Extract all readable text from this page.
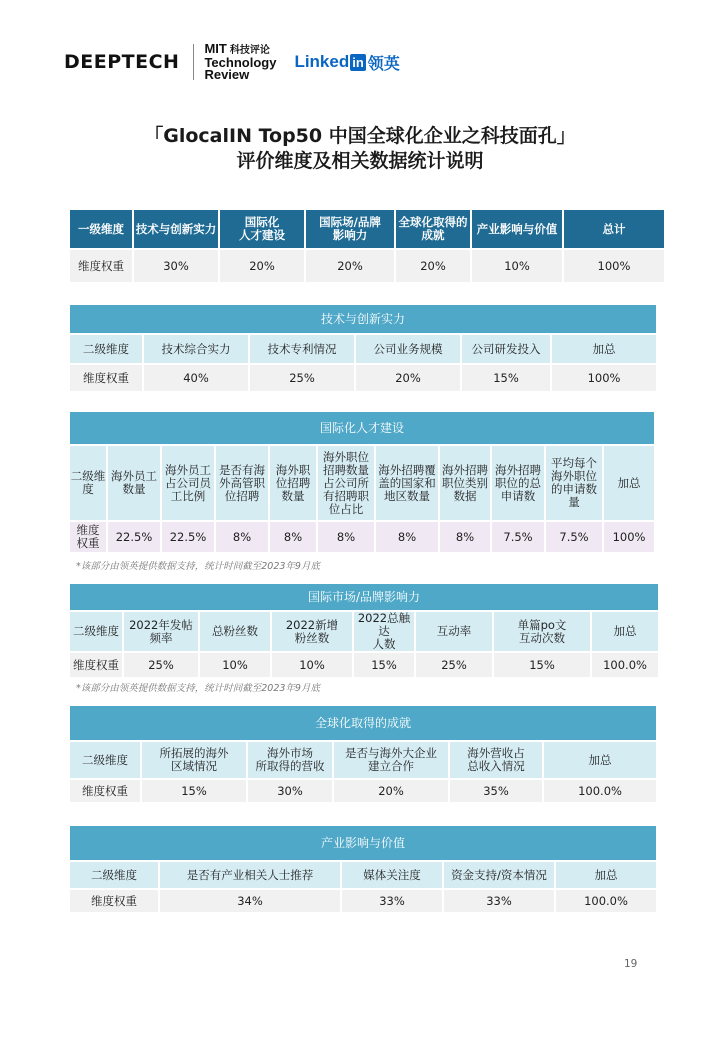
DEEPTECH
MIT 科技评论
Technology
Review
Linked in 领英
「GlocalIN Top50 中国全球化企业之科技面孔」
评价维度及相关数据统计说明
一级维度	技术与创新实力	国际化
人才建设	国际场/品牌
影响力	全球化取得的
成就	产业影响与价值	总计
维度权重	30%	20%	20%	20%	10%	100%
技术与创新实力					
二级维度	技术综合实力	技术专利情况	公司业务规模	公司研发投入	加总
维度权重	40%	25%	20%	15%	100%
国际化人才建设										
二级维
度	海外员工
数量	海外员工
占公司员
工比例	是否有海
外高管职
位招聘	海外职
位招聘
数量	海外职位
招聘数量
占公司所
有招聘职
位占比	海外招聘覆
盖的国家和
地区数量	海外招聘
职位类别
数据	海外招聘
职位的总
申请数	平均每个
海外职位
的申请数
量	加总
维度
权重	22.5%	22.5%	8%	8%	8%	8%	8%	7.5%	7.5%	100%
*该部分由领英提供数据支持，统计时间截至2023年9月底
国际市场/品牌影响力							
二级维度	2022年发帖
频率	总粉丝数	2022新增
粉丝数	2022总触达
人数	互动率	单篇po文
互动次数	加总
维度权重	25%	10%	10%	15%	25%	15%	100.0%
*该部分由领英提供数据支持，统计时间截至2023年9月底
全球化取得的成就					
二级维度	所拓展的海外
区域情况	海外市场
所取得的营收	是否与海外大企业
建立合作	海外营收占
总收入情况	加总
维度权重	15%	30%	20%	35%	100.0%
产业影响与价值				
二级维度	是否有产业相关人士推荐	媒体关注度	资金支持/资本情况	加总
维度权重	34%	33%	33%	100.0%
19
